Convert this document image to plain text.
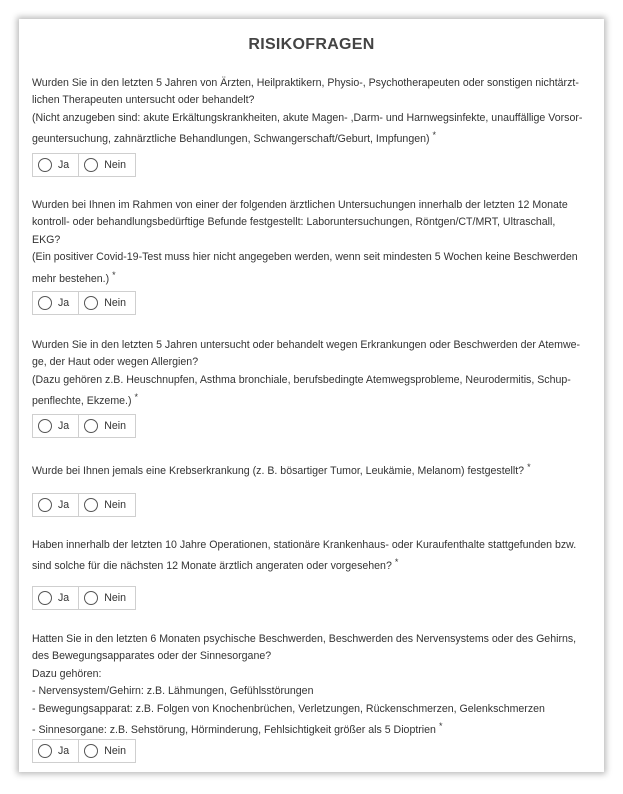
RISIKOFRAGEN

Wurden Sie in den letzten 5 Jahren von Ärzten, Heilpraktikern, Physio-, Psychotherapeuten oder sonstigen nichtärzt-

lichen Therapeuten untersucht oder behandelt?

(Nicht anzugeben sind: akute Erkältungskrankheiten, akute Magen- ,Darm- und Harnwegsinfekte, unauffällige Vorsor-

geuntersuchung, zahnärztliche Behandlungen, Schwangerschaft/Geburt, Impfungen) *

Ja	Nein

Wurden bei Ihnen im Rahmen von einer der folgenden ärztlichen Untersuchungen innerhalb der letzten 12 Monate

kontroll- oder behandlungsbedürftige Befunde festgestellt: Laboruntersuchungen, Röntgen/CT/MRT, Ultraschall,

EKG?

(Ein positiver Covid-19-Test muss hier nicht angegeben werden, wenn seit mindesten 5 Wochen keine Beschwerden

mehr bestehen.) *

Ja	Nein

Wurden Sie in den letzten 5 Jahren untersucht oder behandelt wegen Erkrankungen oder Beschwerden der Atemwe-

ge, der Haut oder wegen Allergien?

(Dazu gehören z.B. Heuschnupfen, Asthma bronchiale, berufsbedingte Atemwegsprobleme, Neurodermitis, Schup-

penflechte, Ekzeme.) *

Ja	Nein

Wurde bei Ihnen jemals eine Krebserkrankung (z. B. bösartiger Tumor, Leukämie, Melanom) festgestellt? *

Ja	Nein

Haben innerhalb der letzten 10 Jahre Operationen, stationäre Krankenhaus- oder Kuraufenthalte stattgefunden bzw.

sind solche für die nächsten 12 Monate ärztlich angeraten oder vorgesehen? *

Ja	Nein

Hatten Sie in den letzten 6 Monaten psychische Beschwerden, Beschwerden des Nervensystems oder des Gehirns,

des Bewegungsapparates oder der Sinnesorgane?

Dazu gehören:

- Nervensystem/Gehirn: z.B. Lähmungen, Gefühlsstörungen

- Bewegungsapparat: z.B. Folgen von Knochenbrüchen, Verletzungen, Rückenschmerzen, Gelenkschmerzen

- Sinnesorgane: z.B. Sehstörung, Hörminderung, Fehlsichtigkeit größer als 5 Dioptrien *

Ja	Nein
